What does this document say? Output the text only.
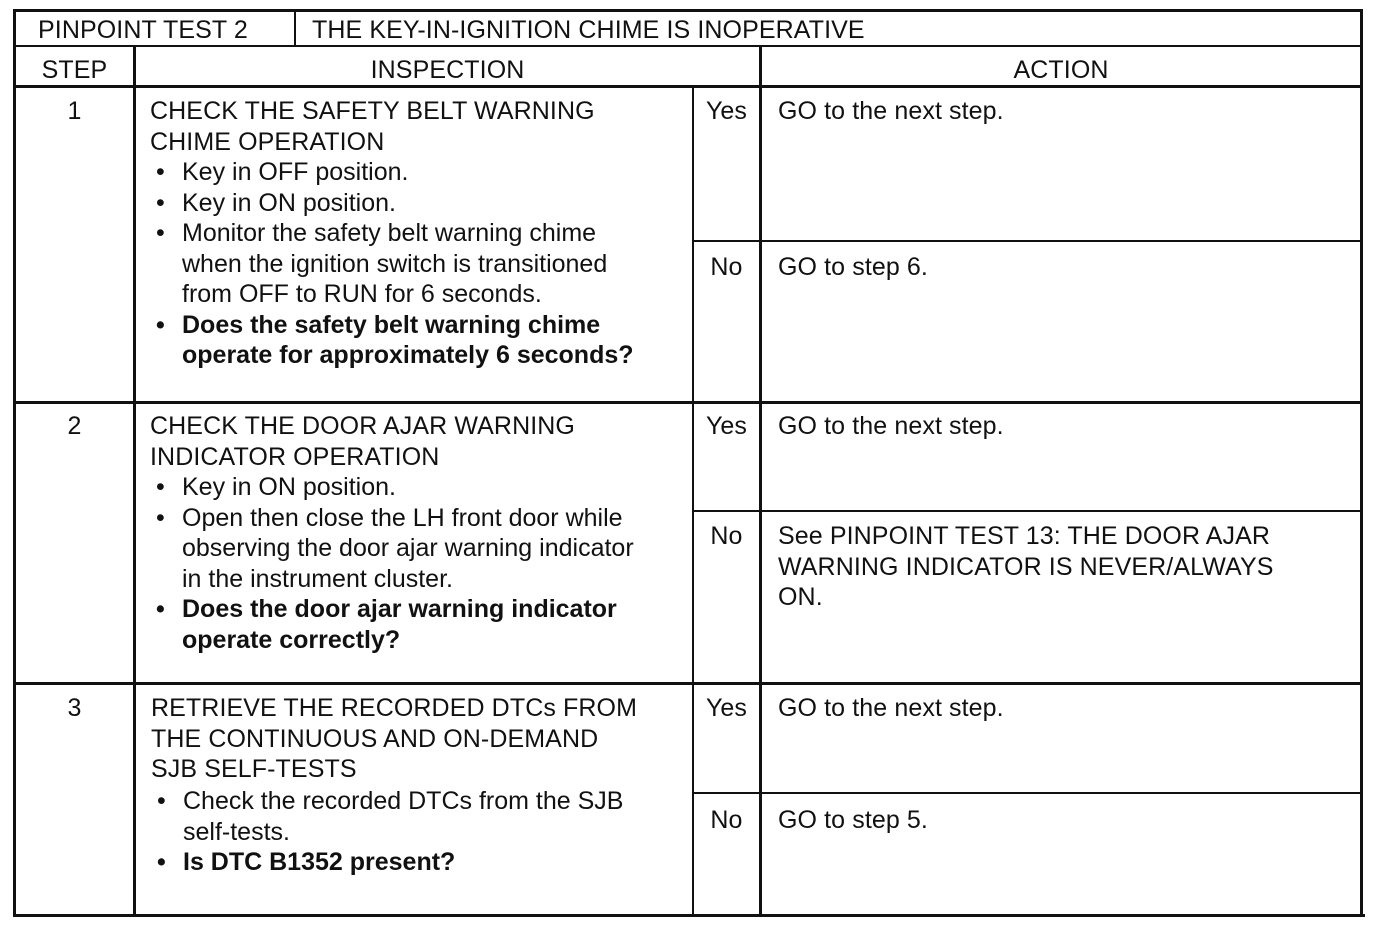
PINPOINT TEST 2	THE KEY-IN-IGNITION CHIME IS INOPERATIVE
STEP	INSPECTION	ACTION
1	CHECK THE SAFETY BELT WARNING
CHIME OPERATION
• Key in OFF position.
• Key in ON position.
• Monitor the safety belt warning chime
when the ignition switch is transitioned
from OFF to RUN for 6 seconds.
• Does the safety belt warning chime
operate for approximately 6 seconds?
Yes	GO to the next step.
No	GO to step 6.
2	CHECK THE DOOR AJAR WARNING
INDICATOR OPERATION
• Key in ON position.
• Open then close the LH front door while
observing the door ajar warning indicator
in the instrument cluster.
• Does the door ajar warning indicator
operate correctly?
Yes	GO to the next step.
No	See PINPOINT TEST 13: THE DOOR AJAR
WARNING INDICATOR IS NEVER/ALWAYS
ON.
3	RETRIEVE THE RECORDED DTCs FROM
THE CONTINUOUS AND ON-DEMAND
SJB SELF-TESTS
• Check the recorded DTCs from the SJB
self-tests.
• Is DTC B1352 present?
Yes	GO to the next step.
No	GO to step 5.
